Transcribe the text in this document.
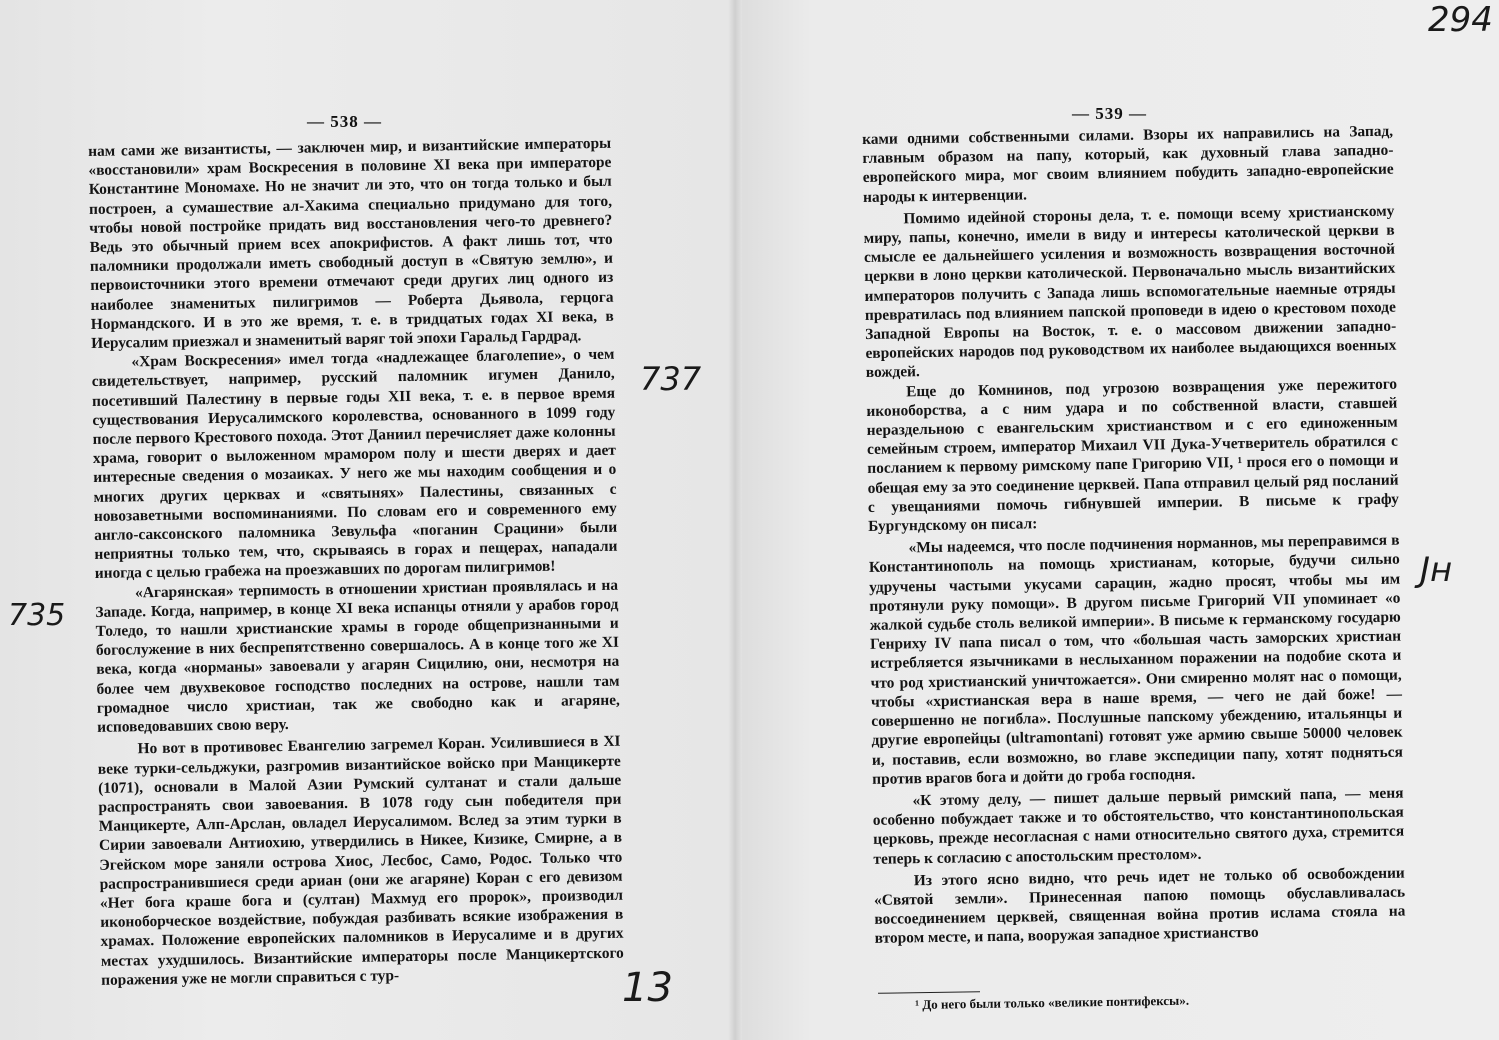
— 538 —	— 539 —

нам сами же византисты, — заключен мир, и византийские императоры «восстановили» храм Воскресения в половине XI века при императоре Константине Мономахе. Но не значит ли это, что он тогда только и был построен, а сумашествие ал-Хакима специально придумано для того, чтобы новой постройке придать вид восстановления чего-то древнего? Ведь это обычный прием всех апокрифистов. А факт лишь тот, что паломники продолжали иметь свободный доступ в «Святую землю», и первоисточники этого времени отмечают среди других лиц одного из наиболее знаменитых пилигримов — Роберта Дьявола, герцога Нормандского. И в это же время, т. е. в тридцатых годах XI века, в Иерусалим приезжал и знаменитый варяг той эпохи Гаральд Гардрад.

«Храм Воскресения» имел тогда «надлежащее благолепие», о чем свидетельствует, например, русский паломник игумен Данило, посетивший Палестину в первые годы XII века, т. е. в первое время существования Иерусалимского королевства, основанного в 1099 году после первого Крестового похода. Этот Даниил перечисляет даже колонны храма, говорит о выложенном мрамором полу и шести дверях и дает интересные сведения о мозаиках. У него же мы находим сообщения и о многих других церквах и «святынях» Палестины, связанных с новозаветными воспоминаниями. По словам его и современного ему англо-саксонского паломника Зевульфа «поганин Срацини» были неприятны только тем, что, скрываясь в горах и пещерах, нападали иногда с целью грабежа на проезжавших по дорогам пилигримов!

«Агарянская» терпимость в отношении христиан проявлялась и на Западе. Когда, например, в конце XI века испанцы отняли у арабов город Толедо, то нашли христианские храмы в городе общепризнанными и богослужение в них беспрепятственно совершалось. А в конце того же XI века, когда «норманы» завоевали у агарян Сицилию, они, несмотря на более чем двухвековое господство последних на острове, нашли там громадное число христиан, так же свободно как и агаряне, исповедовавших свою веру.

Но вот в противовес Евангелию загремел Коран. Усилившиеся в XI веке турки-сельджуки, разгромив византийское войско при Манцикерте (1071), основали в Малой Азии Румский султанат и стали дальше распространять свои завоевания. В 1078 году сын победителя при Манцикерте, Алп-Арслан, овладел Иерусалимом. Вслед за этим турки в Сирии завоевали Антиохию, утвердились в Никее, Кизике, Смирне, а в Эгейском море заняли острова Хиос, Лесбос, Само, Родос. Только что распространившиеся среди ариан (они же агаряне) Коран с его девизом «Нет бога краше бога и (султан) Махмуд его пророк», производил иконоборческое воздействие, побуждая разбивать всякие изображения в храмах. Положение европейских паломников в Иерусалиме и в других местах ухудшилось. Византийские императоры после Манцикертского поражения уже не могли справиться с тур-

ками одними собственными силами. Взоры их направились на Запад, главным образом на папу, который, как духовный глава западно-европейского мира, мог своим влиянием побудить западно-европейские народы к интервенции.

Помимо идейной стороны дела, т. е. помощи всему христианскому миру, папы, конечно, имели в виду и интересы католической церкви в смысле ее дальнейшего усиления и возможность возвращения восточной церкви в лоно церкви католической. Первоначально мысль византийских императоров получить с Запада лишь вспомогательные наемные отряды превратилась под влиянием папской проповеди в идею о крестовом походе Западной Европы на Восток, т. е. о массовом движении западно-европейских народов под руководством их наиболее выдающихся военных вождей.

Еще до Комнинов, под угрозою возвращения уже пережитого иконоборства, а с ним удара и по собственной власти, ставшей нераздельною с евангельским христианством и с его единоженным семейным строем, император Михаил VII Дука-Учетверитель обратился с посланием к первому римскому папе Григорию VII, ¹ прося его о помощи и обещая ему за это соединение церквей. Папа отправил целый ряд посланий с увещаниями помочь гибнувшей империи. В письме к графу Бургундскому он писал:

«Мы надеемся, что после подчинения норманнов, мы переправимся в Константинополь на помощь христианам, которые, будучи сильно удручены частыми укусами сарацин, жадно просят, чтобы мы им протянули руку помощи». В другом письме Григорий VII упоминает «о жалкой судьбе столь великой империи». В письме к германскому государю Генриху IV папа писал о том, что «большая часть заморских христиан истребляется язычниками в неслыханном поражении на подобие скота и что род христианский уничтожается». Они смиренно молят нас о помощи, чтобы «христианская вера в наше время, — чего не дай боже! — совершенно не погибла». Послушные папскому убеждению, итальянцы и другие европейцы (ultramontani) готовят уже армию свыше 50000 человек и, поставив, если возможно, во главе экспедиции папу, хотят подняться против врагов бога и дойти до гроба господня.

«К этому делу, — пишет дальше первый римский папа, — меня особенно побуждает также и то обстоятельство, что константинопольская церковь, прежде несогласная с нами относительно святого духа, стремится теперь к согласию с апостольским престолом».

Из этого ясно видно, что речь идет не только об освобождении «Святой земли». Принесенная папою помощь обуславливалась воссоединением церквей, священная война против ислама стояла на втором месте, и папа, вооружая западное христианство

¹ До него были только «великие понтифексы».
294
737
735
Jн
13
